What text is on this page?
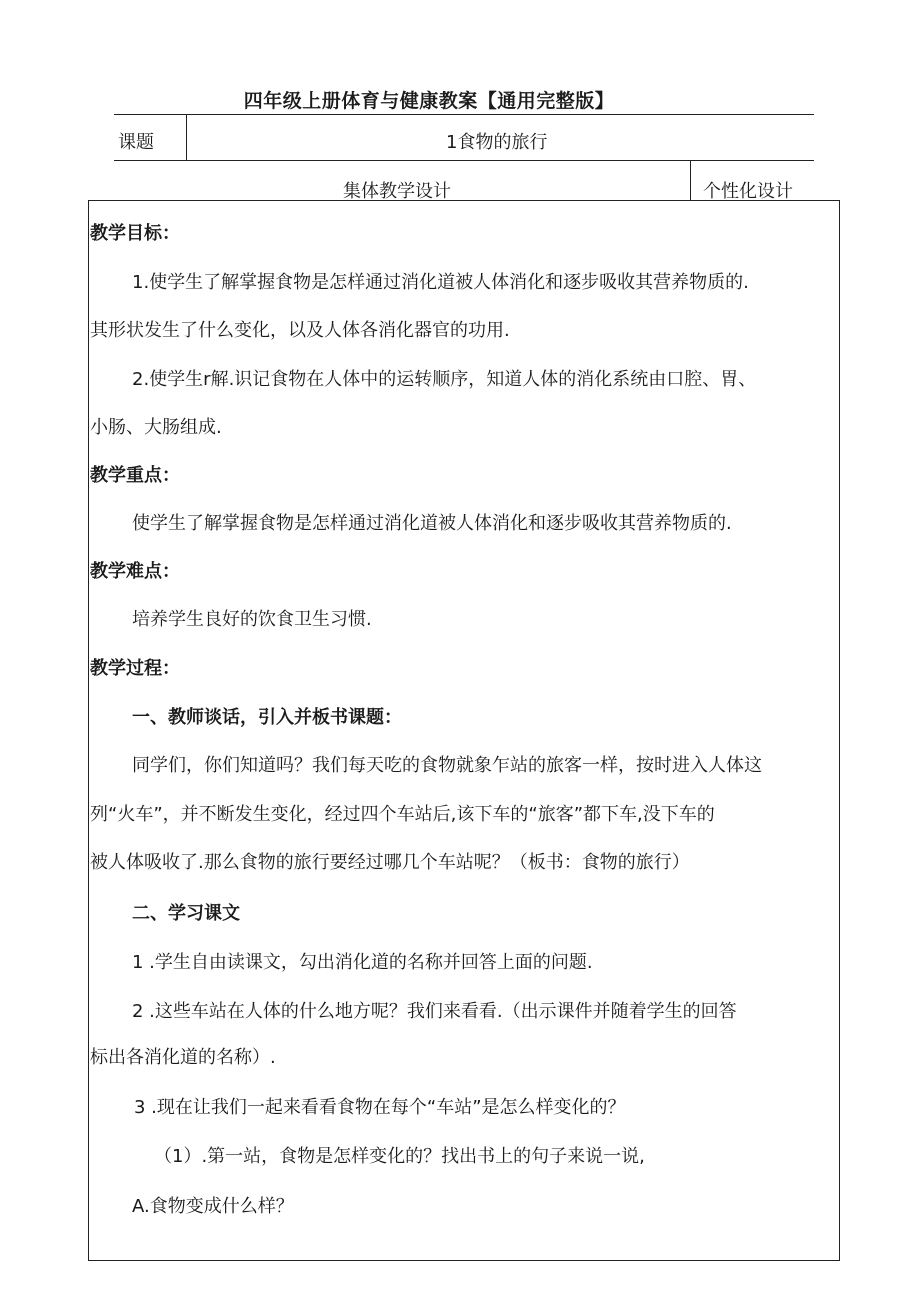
四年级上册体育与健康教案【通用完整版】
课题	1食物的旅行
集体教学设计	个性化设计
教学目标：
1.使学生了解掌握食物是怎样通过消化道被人体消化和逐步吸收其营养物质的.
其形状发生了什么变化，以及人体各消化器官的功用.
2.使学生r解.识记食物在人体中的运转顺序，知道人体的消化系统由口腔、胃、
小肠、大肠组成.
教学重点：
使学生了解掌握食物是怎样通过消化道被人体消化和逐步吸收其营养物质的.
教学难点：
培养学生良好的饮食卫生习惯.
教学过程：
一、教师谈话，引入并板书课题：
同学们，你们知道吗？我们每天吃的食物就象乍站的旅客一样，按时进入人体这
列“火车”，并不断发生变化，经过四个车站后,该下车的“旅客”都下车,没下车的
被人体吸收了.那么食物的旅行要经过哪几个车站呢？（板书：食物的旅行）
二、学习课文
1 .学生自由读课文，勾出消化道的名称并回答上面的问题.
2 .这些车站在人体的什么地方呢？我们来看看.（出示课件并随着学生的回答
标出各消化道的名称）.
3 .现在让我们一起来看看食物在每个“车站”是怎么样变化的？
（1）.第一站，食物是怎样变化的？找出书上的句子来说一说,
A.食物变成什么样？
